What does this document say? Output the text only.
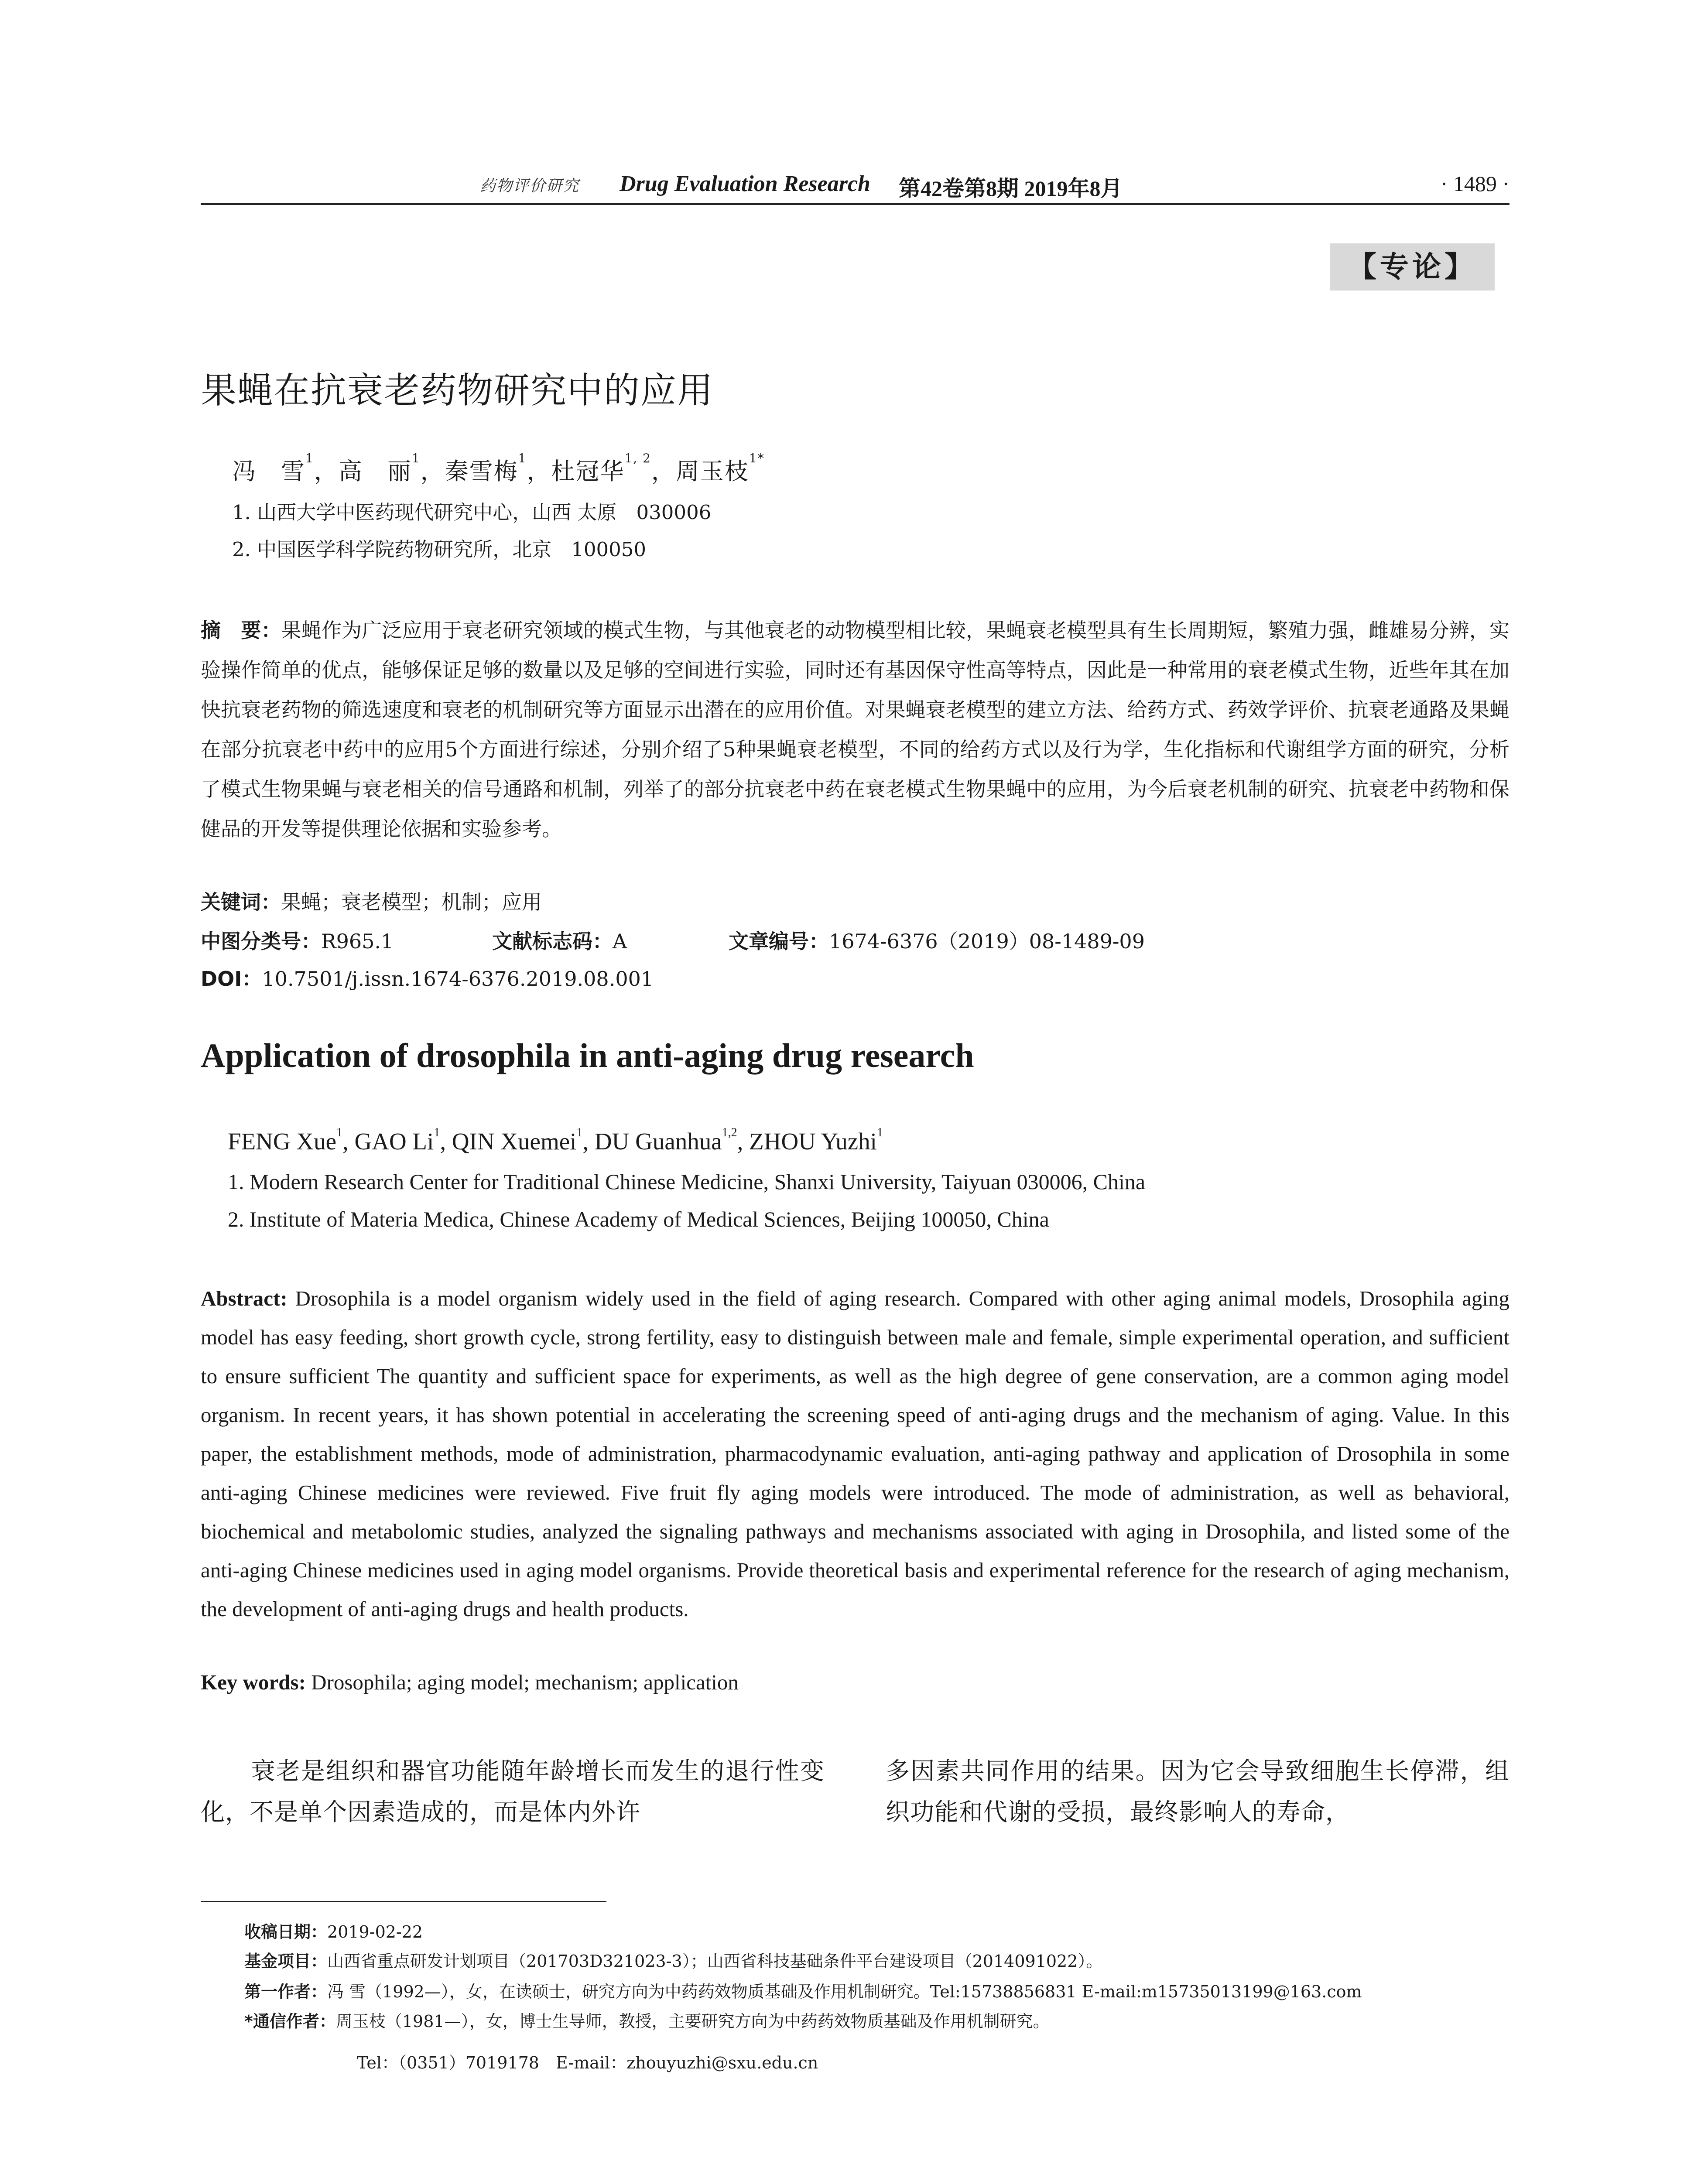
药物评价研究 Drug Evaluation Research 第42卷第8期 2019年8月	· 1489 ·
【专论】
果蝇在抗衰老药物研究中的应用
冯　雪$^1$，高　丽$^1$，秦雪梅$^1$，杜冠华$^{1, 2}$，周玉枝$^{1*}$
1. 山西大学中医药现代研究中心，山西 太原　030006
2. 中国医学科学院药物研究所，北京　100050
摘　要：果蝇作为广泛应用于衰老研究领域的模式生物，与其他衰老的动物模型相比较，果蝇衰老模型具有生长周期短，繁殖力强，雌雄易分辨，实验操作简单的优点，能够保证足够的数量以及足够的空间进行实验，同时还有基因保守性高等特点，因此是一种常用的衰老模式生物，近些年其在加快抗衰老药物的筛选速度和衰老的机制研究等方面显示出潜在的应用价值。对果蝇衰老模型的建立方法、给药方式、药效学评价、抗衰老通路及果蝇在部分抗衰老中药中的应用5个方面进行综述，分别介绍了5种果蝇衰老模型，不同的给药方式以及行为学，生化指标和代谢组学方面的研究，分析了模式生物果蝇与衰老相关的信号通路和机制，列举了的部分抗衰老中药在衰老模式生物果蝇中的应用，为今后衰老机制的研究、抗衰老中药物和保健品的开发等提供理论依据和实验参考。
关键词：果蝇；衰老模型；机制；应用
中图分类号：R965.1	文献标志码：A	文章编号：1674-6376（2019）08-1489-09
DOI：10.7501/j.issn.1674-6376.2019.08.001
Application of drosophila in anti-aging drug research
FENG Xue$^1$, GAO Li$^1$, QIN Xuemei$^1$, DU Guanhua$^{1,2}$, ZHOU Yuzhi$^1$
1. Modern Research Center for Traditional Chinese Medicine, Shanxi University, Taiyuan 030006, China
2. Institute of Materia Medica, Chinese Academy of Medical Sciences, Beijing 100050, China
Abstract: Drosophila is a model organism widely used in the field of aging research. Compared with other aging animal models, Drosophila aging model has easy feeding, short growth cycle, strong fertility, easy to distinguish between male and female, simple experimental operation, and sufficient to ensure sufficient The quantity and sufficient space for experiments, as well as the high degree of gene conservation, are a common aging model organism. In recent years, it has shown potential in accelerating the screening speed of anti-aging drugs and the mechanism of aging. Value. In this paper, the establishment methods, mode of administration, pharmacodynamic evaluation, anti-aging pathway and application of Drosophila in some anti-aging Chinese medicines were reviewed. Five fruit fly aging models were introduced. The mode of administration, as well as behavioral, biochemical and metabolomic studies, analyzed the signaling pathways and mechanisms associated with aging in Drosophila, and listed some of the anti-aging Chinese medicines used in aging model organisms. Provide theoretical basis and experimental reference for the research of aging mechanism, the development of anti-aging drugs and health products.
Key words: Drosophila; aging model; mechanism; application
衰老是组织和器官功能随年龄增长而发生的退行性变化，不是单个因素造成的，而是体内外许
多因素共同作用的结果。因为它会导致细胞生长停滞，组织功能和代谢的受损，最终影响人的寿命，
收稿日期：2019-02-22
基金项目：山西省重点研发计划项目（201703D321023-3）；山西省科技基础条件平台建设项目（2014091022）。
第一作者：冯 雪（1992—），女，在读硕士，研究方向为中药药效物质基础及作用机制研究。Tel:15738856831 E-mail:m15735013199@163.com
*通信作者：周玉枝（1981—），女，博士生导师，教授，主要研究方向为中药药效物质基础及作用机制研究。
Tel：（0351）7019178　E-mail：zhouyuzhi@sxu.edu.cn
